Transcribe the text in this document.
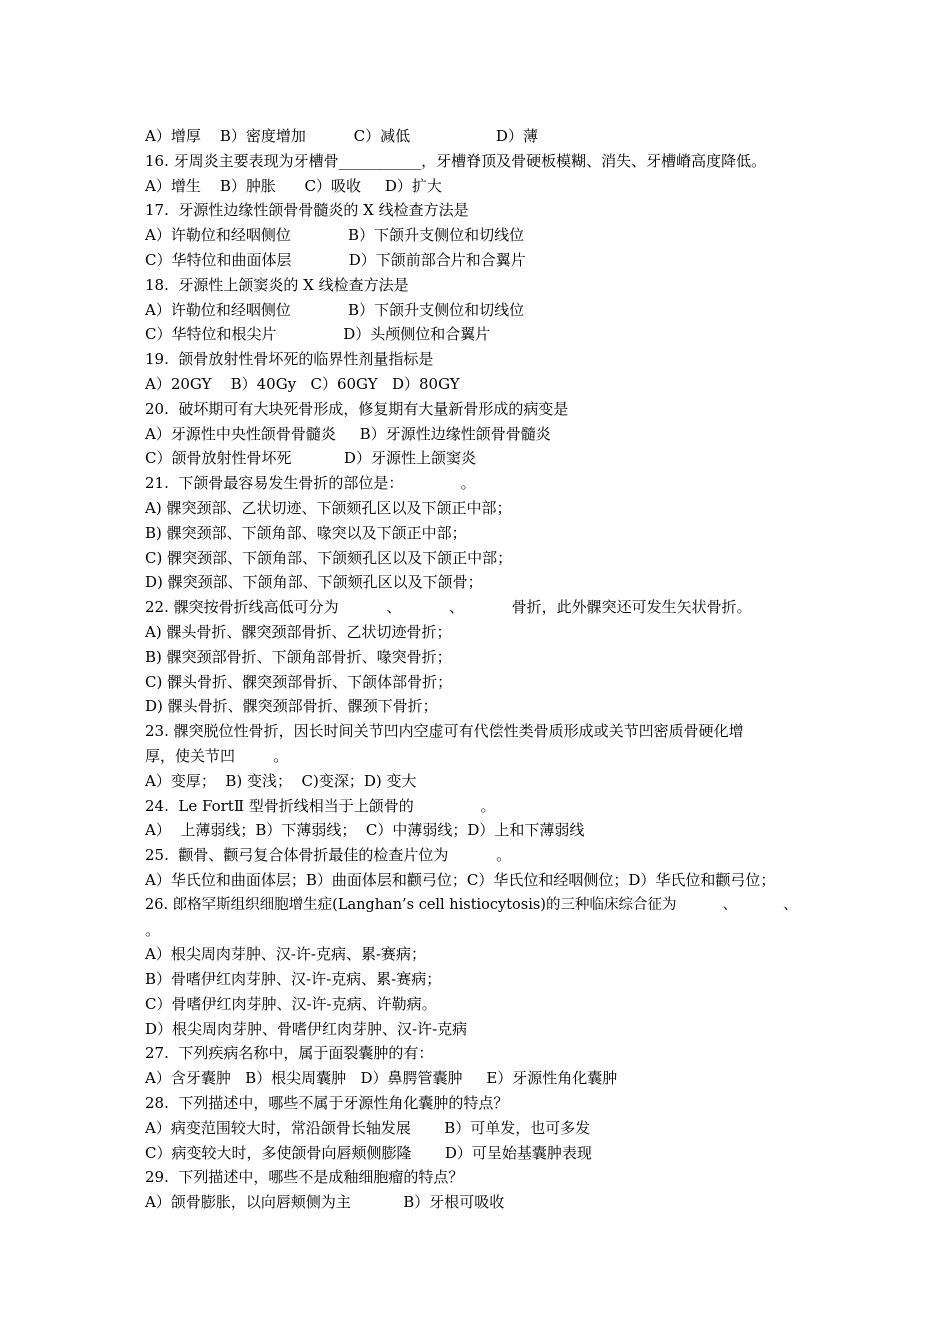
A）增厚    B）密度增加          C）减低                  D）薄

16. 牙周炎主要表现为牙槽骨___________，牙槽脊顶及骨硬板模糊、消失、牙槽嵴高度降低。

A）增生    B）肿胀      C）吸收     D）扩大

17.  牙源性边缘性颌骨骨髓炎的 X 线检查方法是

A）许勒位和经咽侧位            B）下颌升支侧位和切线位

C）华特位和曲面体层            D）下颌前部合片和合翼片

18.  牙源性上颌窦炎的 X 线检查方法是

A）许勒位和经咽侧位            B）下颌升支侧位和切线位

C）华特位和根尖片              D）头颅侧位和合翼片

19.  颌骨放射性骨坏死的临界性剂量指标是

A）20GY    B）40Gy   C）60GY   D）80GY

20.  破坏期可有大块死骨形成，修复期有大量新骨形成的病变是

A）牙源性中央性颌骨骨髓炎     B）牙源性边缘性颌骨骨髓炎

C）颌骨放射性骨坏死           D）牙源性上颌窦炎

21.  下颌骨最容易发生骨折的部位是：            。

A) 髁突颈部、乙状切迹、下颌颏孔区以及下颌正中部；

B) 髁突颈部、下颌角部、喙突以及下颌正中部；

C) 髁突颈部、下颌角部、下颌颏孔区以及下颌正中部；

D) 髁突颈部、下颌角部、下颌颏孔区以及下颌骨；

22. 髁突按骨折线高低可分为          、          、          骨折，此外髁突还可发生矢状骨折。

A) 髁头骨折、髁突颈部骨折、乙状切迹骨折；

B) 髁突颈部骨折、下颌角部骨折、喙突骨折；

C) 髁头骨折、髁突颈部骨折、下颌体部骨折；

D) 髁头骨折、髁突颈部骨折、髁颈下骨折；

23. 髁突脱位性骨折，因长时间关节凹内空虚可有代偿性类骨质形成或关节凹密质骨硬化增

厚，使关节凹        。

A）变厚；  B) 变浅；  C)变深；D) 变大

24.  Le FortⅡ 型骨折线相当于上颌骨的              。

A）  上薄弱线；B）下薄弱线；  C）中薄弱线；D）上和下薄弱线

25.  颧骨、颧弓复合体骨折最佳的检查片位为          。

A）华氏位和曲面体层；B）曲面体层和颧弓位；C）华氏位和经咽侧位；D）华氏位和颧弓位；

26. 郎格罕斯组织细胞增生症(Langhan’s cell histiocytosis)的三种临床综合征为          、          、

。

A）根尖周肉芽肿、汉-许-克病、累-赛病；

B）骨嗜伊红肉芽肿、汉-许-克病、累-赛病；

C）骨嗜伊红肉芽肿、汉-许-克病、许勒病。

D）根尖周肉芽肿、骨嗜伊红肉芽肿、汉-许-克病

27.  下列疾病名称中，属于面裂囊肿的有：

A）含牙囊肿   B）根尖周囊肿   D）鼻腭管囊肿     E）牙源性角化囊肿

28.  下列描述中，哪些不属于牙源性角化囊肿的特点？

A）病变范围较大时，常沿颌骨长轴发展       B）可单发，也可多发

C）病变较大时，多使颌骨向唇颊侧膨隆       D）可呈始基囊肿表现

29.  下列描述中，哪些不是成釉细胞瘤的特点？

A）颌骨膨胀，以向唇颊侧为主           B）牙根可吸收
